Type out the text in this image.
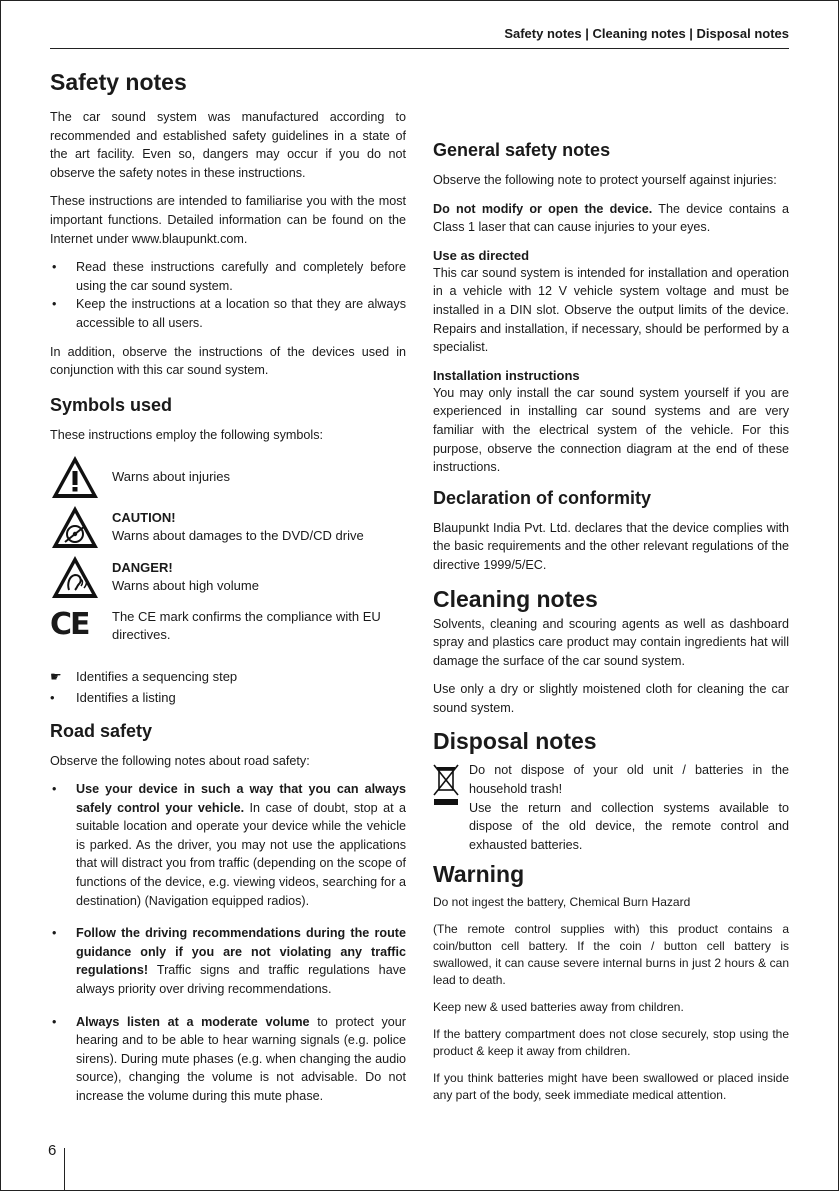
Safety notes | Cleaning notes | Disposal notes
Safety notes

The car sound system was manufactured according to recommended and established safety guidelines in a state of the art facility. Even so, dangers may occur if you do not observe the safety notes in these instructions.

These instructions are intended to familiarise you with the most important functions. Detailed information can be found on the Internet under www.blaupunkt.com.

• Read these instructions carefully and completely before using the car sound system.
• Keep the instructions at a location so that they are always accessible to all users.

In addition, observe the instructions of the devices used in conjunction with this car sound system.

Symbols used

These instructions employ the following symbols:

Warns about injuries
CAUTION!
Warns about damages to the DVD/CD drive
DANGER!
Warns about high volume
CE	The CE mark confirms the compliance with EU directives.
☛	Identifies a sequencing step
•	Identifies a listing
Road safety

Observe the following notes about road safety:

• Use your device in such a way that you can always safely control your vehicle. In case of doubt, stop at a suitable location and operate your device while the vehicle is parked. As the driver, you may not use the applications that will distract you from traffic (depending on the scope of functions of the device, e.g. viewing videos, searching for a destination) (Navigation equipped radios).
• Follow the driving recommendations during the route guidance only if you are not violating any traffic regulations! Traffic signs and traffic regulations have always priority over driving recommendations.
• Always listen at a moderate volume to protect your hearing and to be able to hear warning signals (e.g. police sirens). During mute phases (e.g. when changing the audio source), changing the volume is not advisable. Do not increase the volume during this mute phase.
General safety notes

Observe the following note to protect yourself against injuries:

Do not modify or open the device. The device contains a Class 1 laser that can cause injuries to your eyes.

Use as directed

This car sound system is intended for installation and operation in a vehicle with 12 V vehicle system voltage and must be installed in a DIN slot. Observe the output limits of the device. Repairs and installation, if necessary, should be performed by a specialist.

Installation instructions

You may only install the car sound system yourself if you are experienced in installing car sound systems and are very familiar with the electrical system of the vehicle. For this purpose, observe the connection diagram at the end of these instructions.

Declaration of conformity

Blaupunkt India Pvt. Ltd. declares that the device complies with the basic requirements and the other relevant regulations of the directive 1999/5/EC.

Cleaning notes

Solvents, cleaning and scouring agents as well as dashboard spray and plastics care product may contain ingredients hat will damage the surface of the car sound system.

Use only a dry or slightly moistened cloth for cleaning the car sound system.

Disposal notes
Do not dispose of your old unit / batteries in the household trash!
Use the return and collection systems available to dispose of the old device, the remote control and exhausted batteries.
Warning

Do not ingest the battery, Chemical Burn Hazard

(The remote control supplies with) this product contains a coin/button cell battery. If the coin / button cell battery is swallowed, it can cause severe internal burns in just 2 hours & can lead to death.

Keep new & used batteries away from children.

If the battery compartment does not close securely, stop using the product & keep it away from children.

If you think batteries might have been swallowed or placed inside any part of the body, seek immediate medical attention.

6
